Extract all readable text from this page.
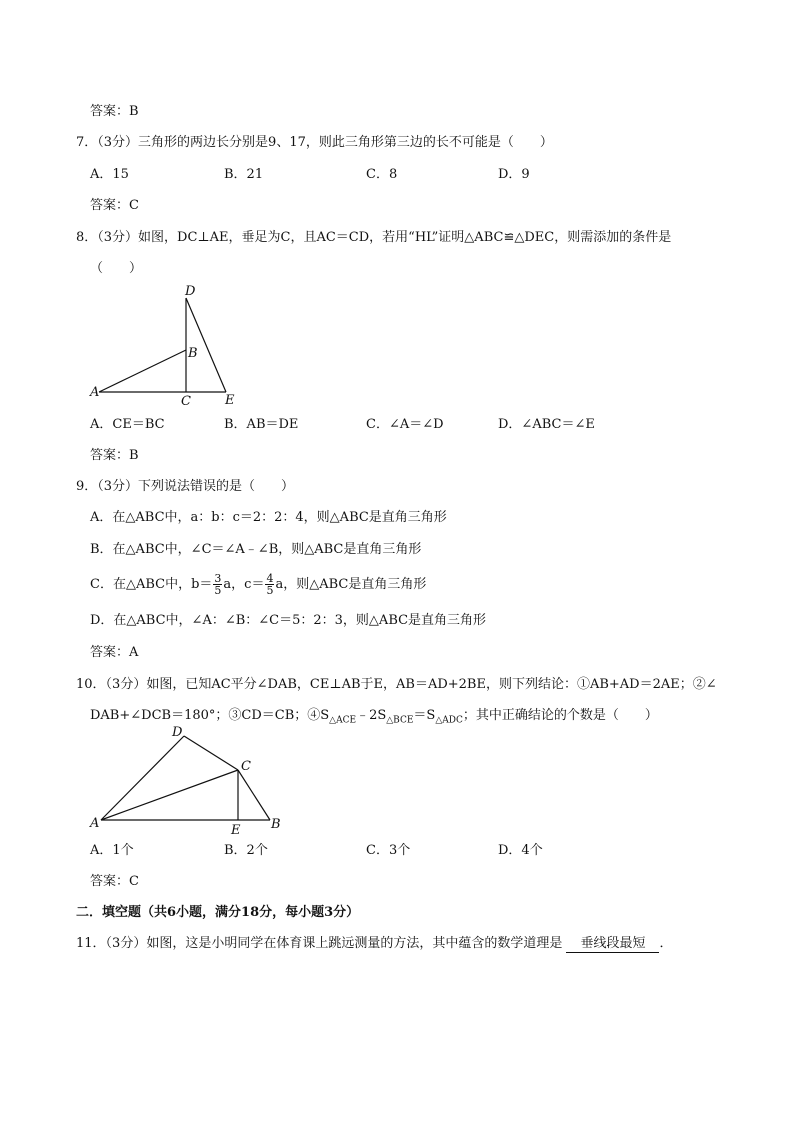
答案：B
7．（3分）三角形的两边长分别是9、17，则此三角形第三边的长不可能是（　　）
A．15	B．21	C．8	D．9
答案：C
8．（3分）如图，DC⊥AE，垂足为C，且AC＝CD，若用“HL”证明△ABC≌△DEC，则需添加的条件是
（　　）
D
B
A
C	E
A．CE＝BC	B．AB＝DE	C．∠A＝∠D	D．∠ABC＝∠E
答案：B
9．（3分）下列说法错误的是（　　）
A．在△ABC中，a：b：c＝2：2：4，则△ABC是直角三角形
B．在△ABC中，∠C＝∠A﹣∠B，则△ABC是直角三角形
C．在△ABC中，$b= \frac{3}{5}$ a，$c= \frac{4}{5}$ a，则△ABC是直角三角形
D．在△ABC中，∠A：∠B：∠C＝5：2：3，则△ABC是直角三角形
答案：A
10．（3分）如图，已知AC平分∠DAB，CE⊥AB于E，AB＝AD+2BE，则下列结论：①AB+AD＝2AE；②∠
DAB+∠DCB＝180°；③CD＝CB；$④S_{\triangle ACE}﹣2S_{\triangle BCE}=S_{\triangle ADC}$；其中正确结论的个数是（　　）
D
C
A	E B
A．1个	B．2个	C．3个	D．4个
答案：C
二．填空题（共6小题，满分18分，每小题3分）
11．（3分）如图，这是小明同学在体育课上跳远测量的方法，其中蕴含的数学道理是 垂线段最短 ．
